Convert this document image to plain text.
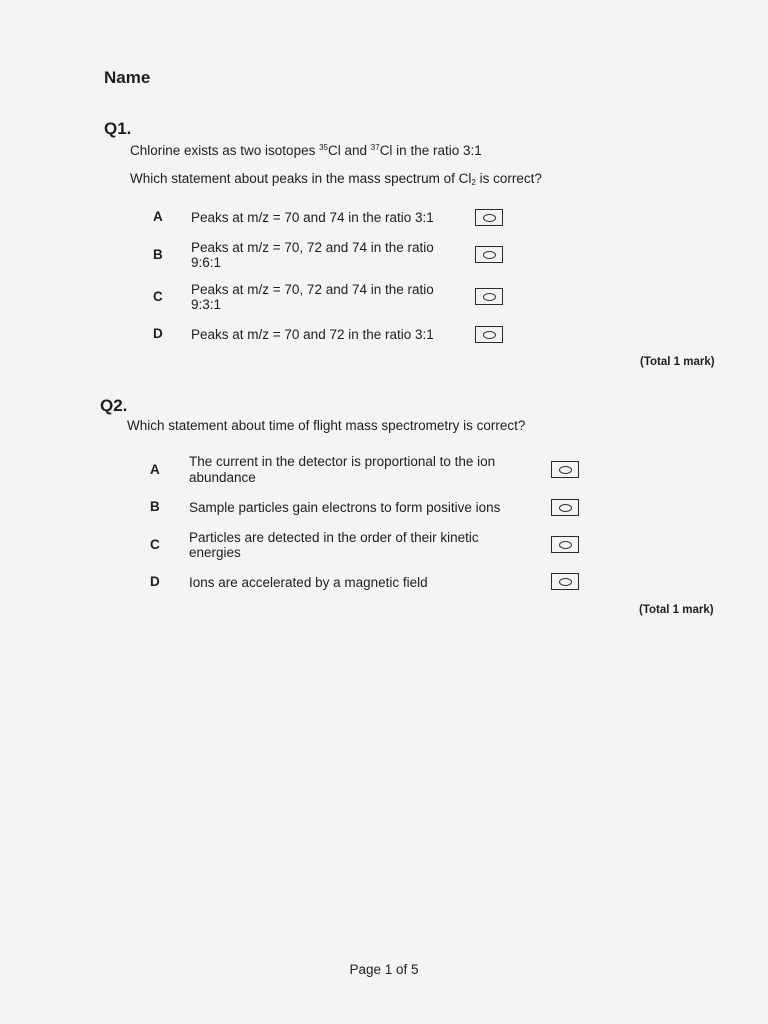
Name
Q1.
Chlorine exists as two isotopes $^{35}$Cl and $^{37}$Cl in the ratio 3:1
Which statement about peaks in the mass spectrum of $Cl_2$ is correct?
A Peaks at m/z = 70 and 74 in the ratio 3:1
B Peaks at m/z = 70, 72 and 74 in the ratio
9:6:1
C Peaks at m/z = 70, 72 and 74 in the ratio
9:3:1
D Peaks at m/z = 70 and 72 in the ratio 3:1
(Total 1 mark)
Q2.
Which statement about time of flight mass spectrometry is correct?
A
The current in the detector is proportional to the ion
abundance
B Sample particles gain electrons to form positive ions
C Particles are detected in the order of their kinetic
energies
D Ions are accelerated by a magnetic field
(Total 1 mark)
Page 1 of 5
